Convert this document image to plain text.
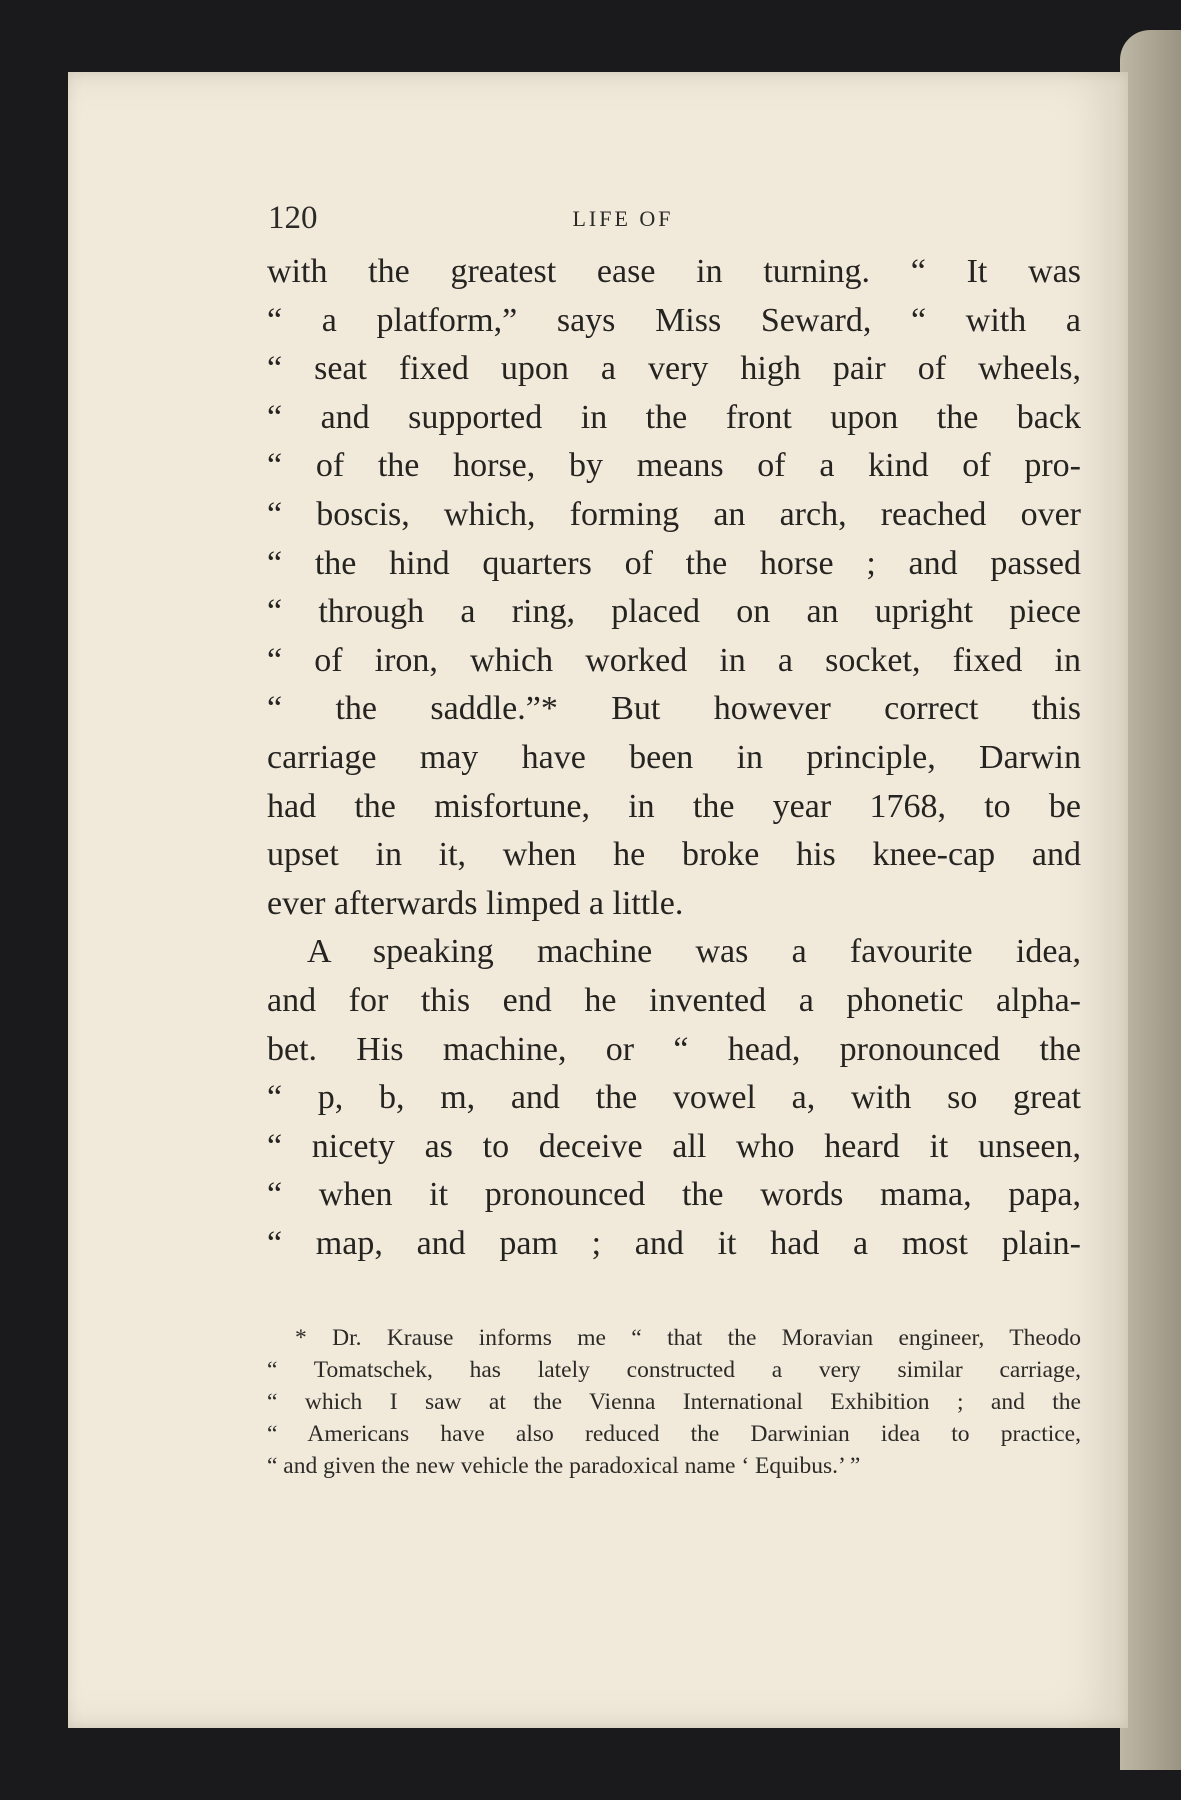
120	LIFE OF
with the greatest ease in turning. “ It was
“ a platform,” says Miss Seward, “ with a
“ seat fixed upon a very high pair of wheels,
“ and supported in the front upon the back
“ of the horse, by means of a kind of pro-
“ boscis, which, forming an arch, reached over
“ the hind quarters of the horse ; and passed
“ through a ring, placed on an upright piece
“ of iron, which worked in a socket, fixed in
“ the saddle.”* But however correct this
carriage may have been in principle, Darwin
had the misfortune, in the year 1768, to be
upset in it, when he broke his knee-cap and
ever afterwards limped a little.
A speaking machine was a favourite idea,
and for this end he invented a phonetic alpha-
bet. His machine, or “ head, pronounced the
“ p, b, m, and the vowel a, with so great
“ nicety as to deceive all who heard it unseen,
“ when it pronounced the words mama, papa,
“ map, and pam ; and it had a most plain-
* Dr. Krause informs me “ that the Moravian engineer, Theodo
“ Tomatschek, has lately constructed a very similar carriage,
“ which I saw at the Vienna International Exhibition ; and the
“ Americans have also reduced the Darwinian idea to practice,
“ and given the new vehicle the paradoxical name ‘ Equibus.’ ”
